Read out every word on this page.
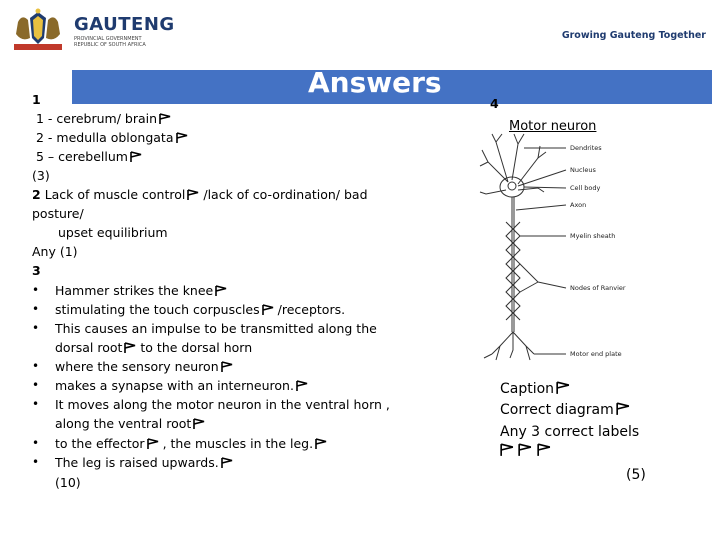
GAUTENG
PROVINCIAL GOVERNMENT REPUBLIC OF SOUTH AFRICA
Growing Gauteng Together
Answers
1
1 - cerebrum/ brain
2 - medulla oblongata
5 – cerebellum
(3)
2 Lack of muscle control /lack of co-ordination/ bad
posture/
upset equilibrium
Any (1)
3
• Hammer strikes the knee
• stimulating the touch corpuscles /receptors.
• This causes an impulse to be transmitted along the
dorsal root to the dorsal horn
• where the sensory neuron
• makes a synapse with an interneuron.
• It moves along the motor neuron in the ventral horn ,
along the ventral root
• to the effector , the muscles in the leg.
• The leg is raised upwards.
(10)
4
Motor neuron
Dendrites
Nucleus
Cell body
Axon
Myelin sheath
Nodes of Ranvier
Motor end plate
Caption
Correct diagram
Any 3 correct labels

(5)
